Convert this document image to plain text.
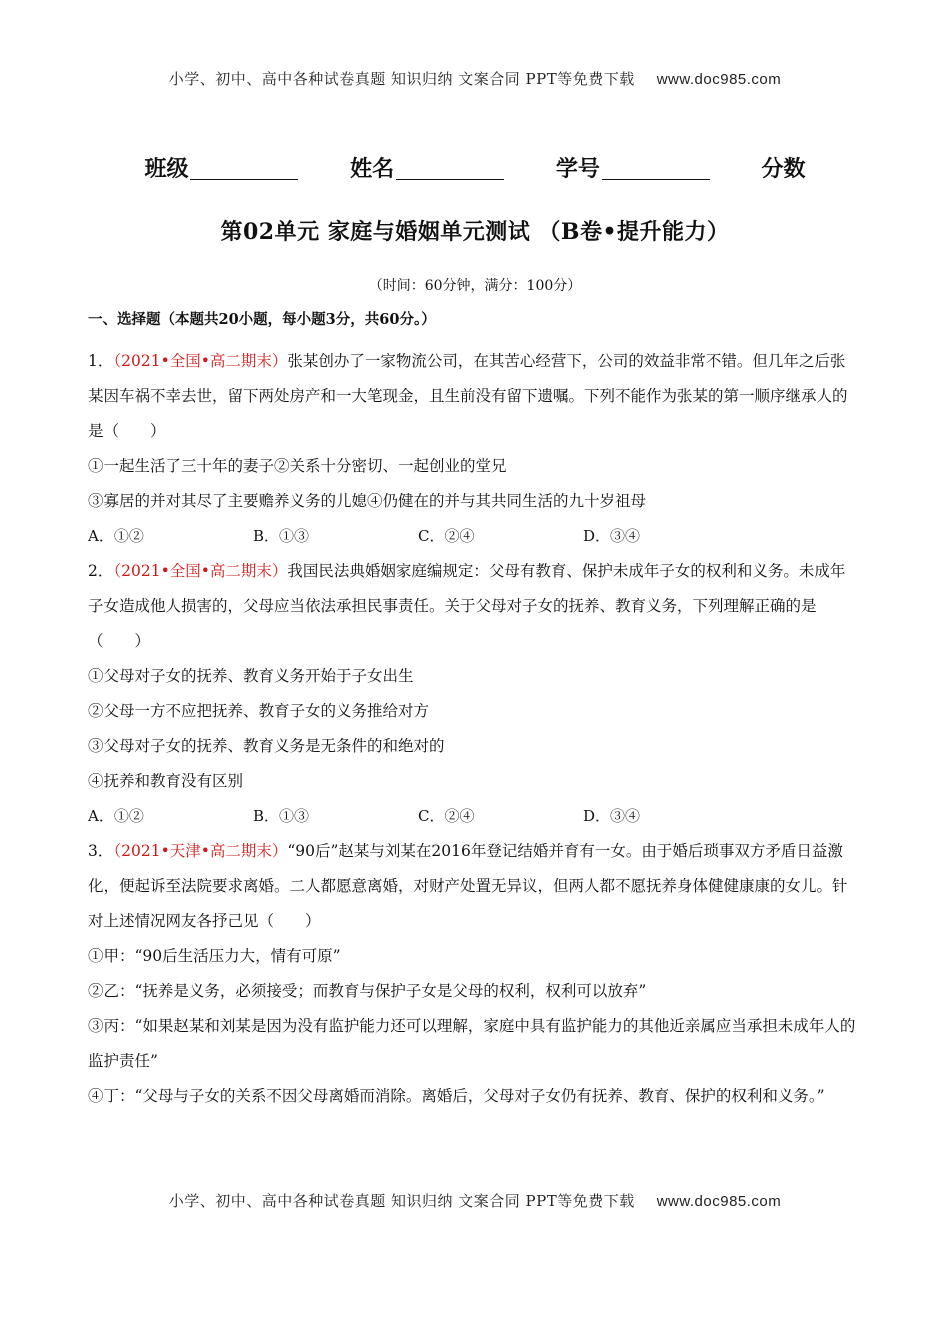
小学、初中、高中各种试卷真题 知识归纳 文案合同 PPT等免费下载 www.doc985.com
班级	姓名	学号	分数
第02单元 家庭与婚姻单元测试 （B卷•提升能力）
（时间：60分钟，满分：100分）
一、选择题（本题共20小题，每小题3分，共60分。）

1．（2021•全国•高二期末）张某创办了一家物流公司，在其苦心经营下，公司的效益非常不错。但几年之后张某因车祸不幸去世，留下两处房产和一大笔现金，且生前没有留下遗嘱。下列不能作为张某的第一顺序继承人的是（　　）

①一起生活了三十年的妻子②关系十分密切、一起创业的堂兄

③寡居的并对其尽了主要赡养义务的儿媳④仍健在的并与其共同生活的九十岁祖母

A．①②	B．①③	C．②④	D．③④

2．（2021•全国•高二期末）我国民法典婚姻家庭编规定：父母有教育、保护未成年子女的权利和义务。未成年子女造成他人损害的，父母应当依法承担民事责任。关于父母对子女的抚养、教育义务，下列理解正确的是（　　）

①父母对子女的抚养、教育义务开始于子女出生

②父母一方不应把抚养、教育子女的义务推给对方

③父母对子女的抚养、教育义务是无条件的和绝对的

④抚养和教育没有区别

A．①②	B．①③	C．②④	D．③④

3．（2021•天津•高二期末）“90后”赵某与刘某在2016年登记结婚并育有一女。由于婚后琐事双方矛盾日益激化，便起诉至法院要求离婚。二人都愿意离婚，对财产处置无异议，但两人都不愿抚养身体健健康康的女儿。针对上述情况网友各抒己见（　　）

①甲：“90后生活压力大，情有可原”

②乙：“抚养是义务，必须接受；而教育与保护子女是父母的权利，权利可以放弃”

③丙：“如果赵某和刘某是因为没有监护能力还可以理解，家庭中具有监护能力的其他近亲属应当承担未成年人的监护责任”

④丁：“父母与子女的关系不因父母离婚而消除。离婚后，父母对子女仍有抚养、教育、保护的权利和义务。”

小学、初中、高中各种试卷真题 知识归纳 文案合同 PPT等免费下载 www.doc985.com
